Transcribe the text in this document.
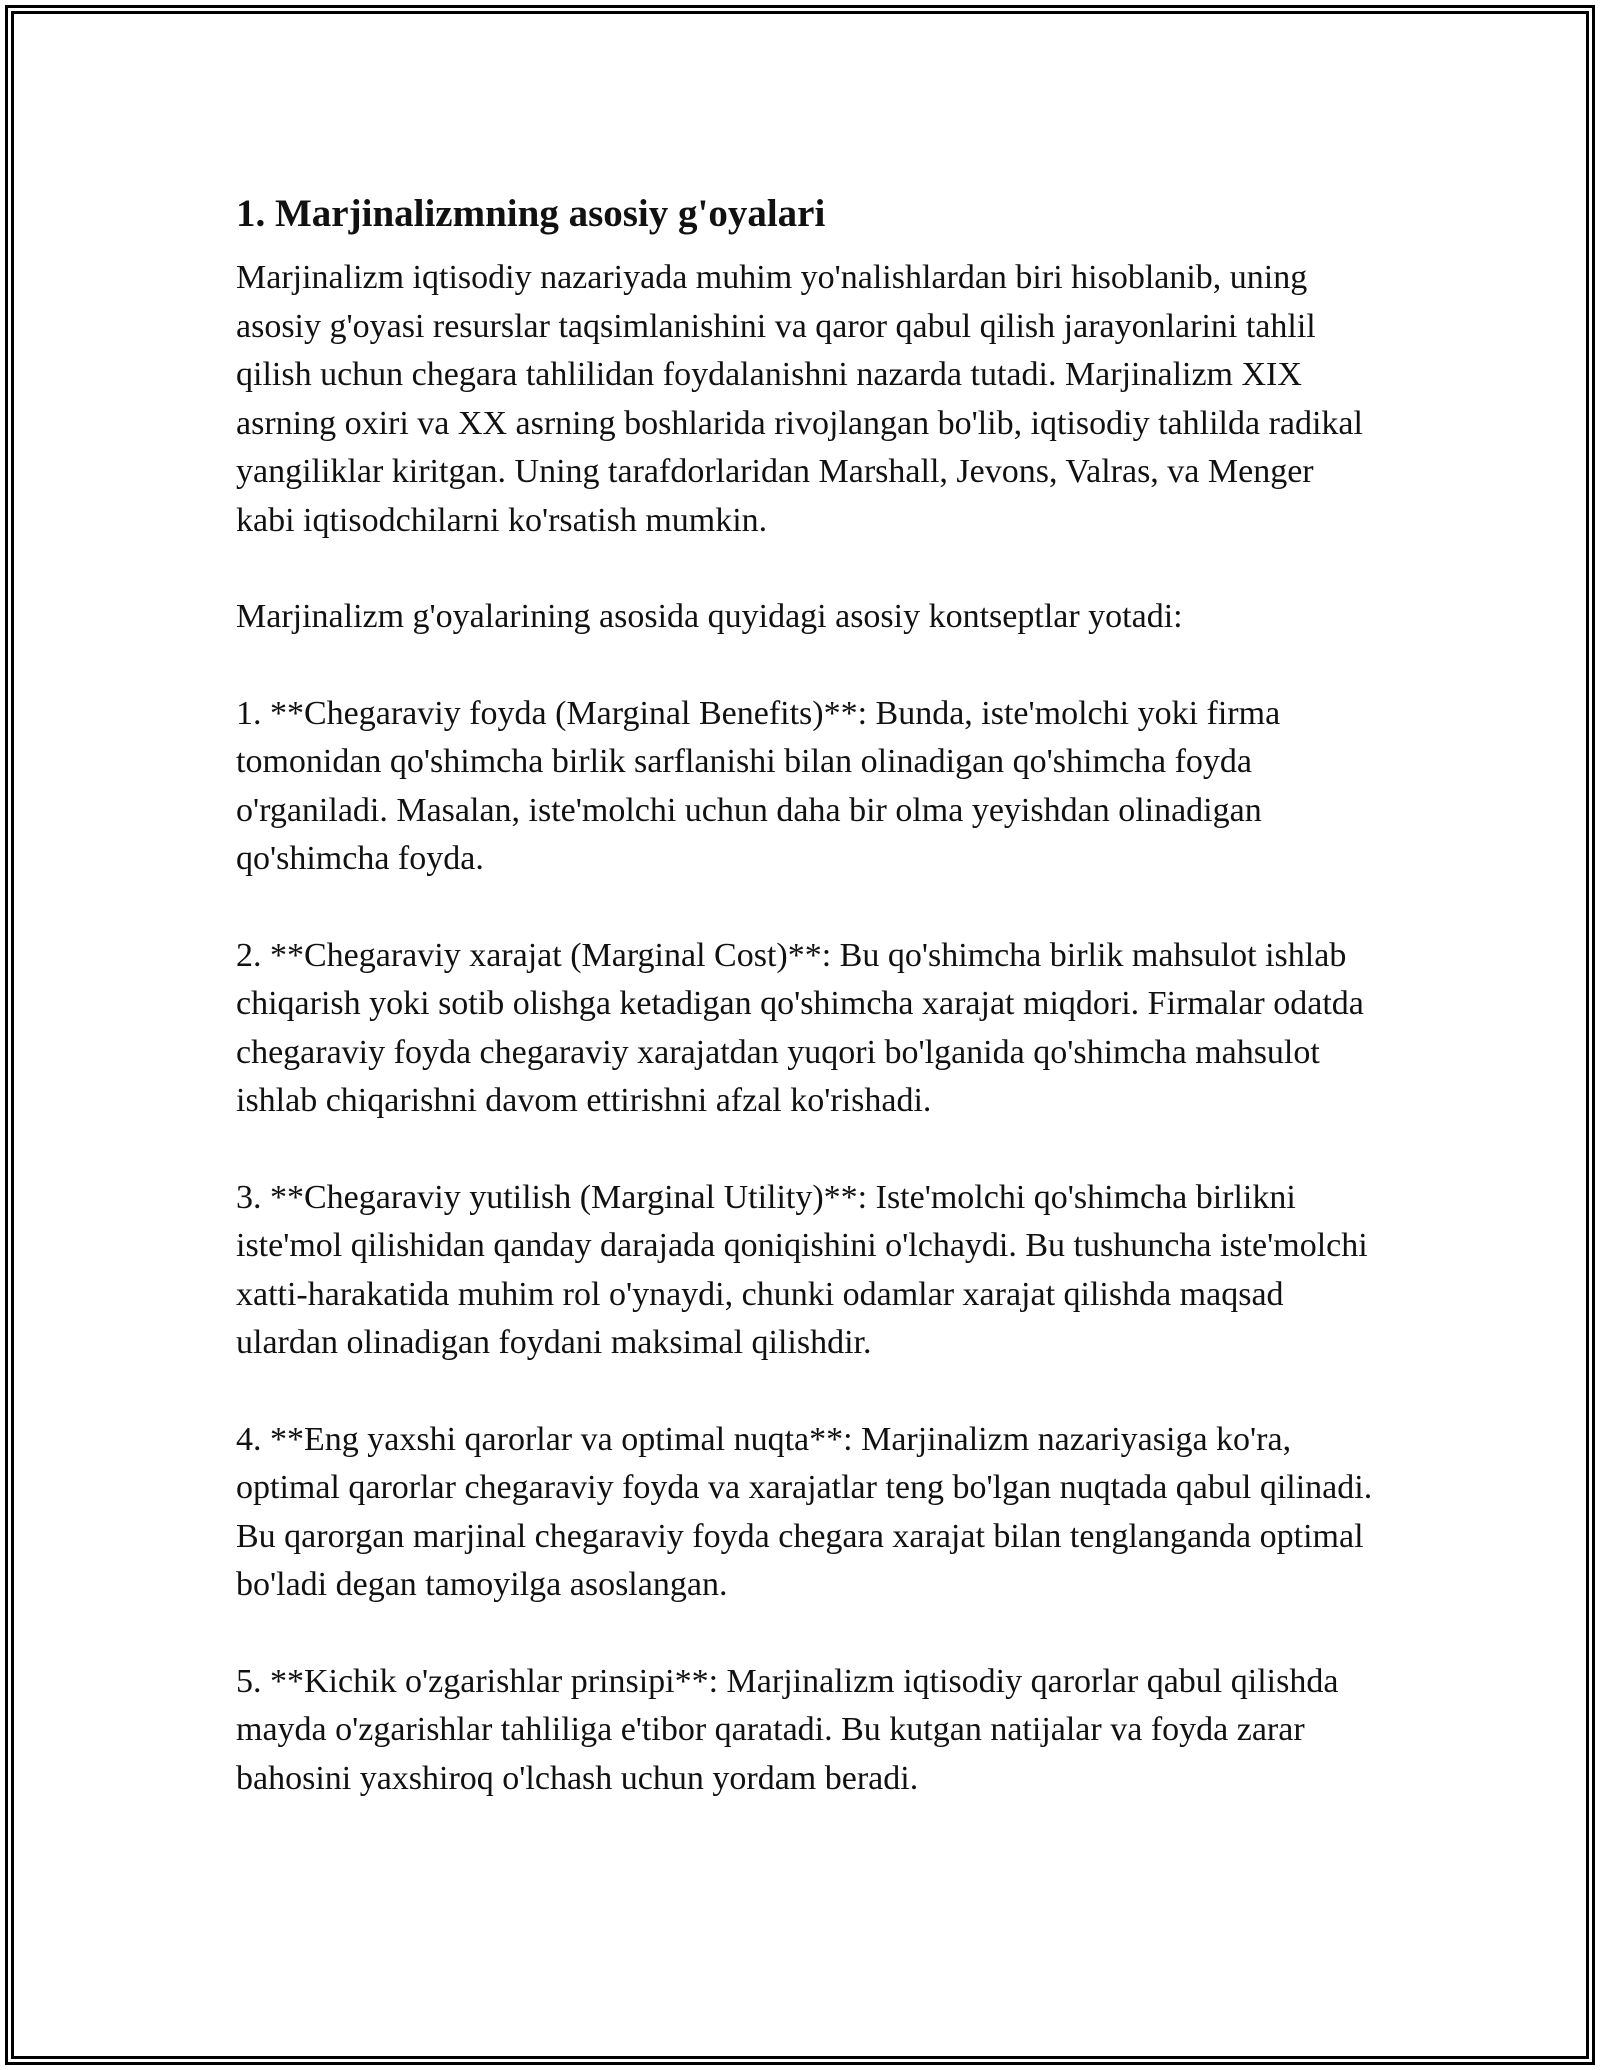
1. Marjinalizmning asosiy g'oyalari

Marjinalizm iqtisodiy nazariyada muhim yo'nalishlardan biri hisoblanib, uning asosiy g'oyasi resurslar taqsimlanishini va qaror qabul qilish jarayonlarini tahlil qilish uchun chegara tahlilidan foydalanishni nazarda tutadi. Marjinalizm XIX asrning oxiri va XX asrning boshlarida rivojlangan bo'lib, iqtisodiy tahlilda radikal yangiliklar kiritgan. Uning tarafdorlaridan Marshall, Jevons, Valras, va Menger kabi iqtisodchilarni ko'rsatish mumkin.

Marjinalizm g'oyalarining asosida quyidagi asosiy kontseptlar yotadi:

1. **Chegaraviy foyda (Marginal Benefits)**: Bunda, iste'molchi yoki firma tomonidan qo'shimcha birlik sarflanishi bilan olinadigan qo'shimcha foyda o'rganiladi. Masalan, iste'molchi uchun daha bir olma yeyishdan olinadigan qo'shimcha foyda.

2. **Chegaraviy xarajat (Marginal Cost)**: Bu qo'shimcha birlik mahsulot ishlab chiqarish yoki sotib olishga ketadigan qo'shimcha xarajat miqdori. Firmalar odatda chegaraviy foyda chegaraviy xarajatdan yuqori bo'lganida qo'shimcha mahsulot ishlab chiqarishni davom ettirishni afzal ko'rishadi.

3. **Chegaraviy yutilish (Marginal Utility)**: Iste'molchi qo'shimcha birlikni iste'mol qilishidan qanday darajada qoniqishini o'lchaydi. Bu tushuncha iste'molchi xatti-harakatida muhim rol o'ynaydi, chunki odamlar xarajat qilishda maqsad ulardan olinadigan foydani maksimal qilishdir.

4. **Eng yaxshi qarorlar va optimal nuqta**: Marjinalizm nazariyasiga ko'ra, optimal qarorlar chegaraviy foyda va xarajatlar teng bo'lgan nuqtada qabul qilinadi. Bu qarorgan marjinal chegaraviy foyda chegara xarajat bilan tenglanganda optimal bo'ladi degan tamoyilga asoslangan.

5. **Kichik o'zgarishlar prinsipi**: Marjinalizm iqtisodiy qarorlar qabul qilishda mayda o'zgarishlar tahliliga e'tibor qaratadi. Bu kutgan natijalar va foyda zarar bahosini yaxshiroq o'lchash uchun yordam beradi.
